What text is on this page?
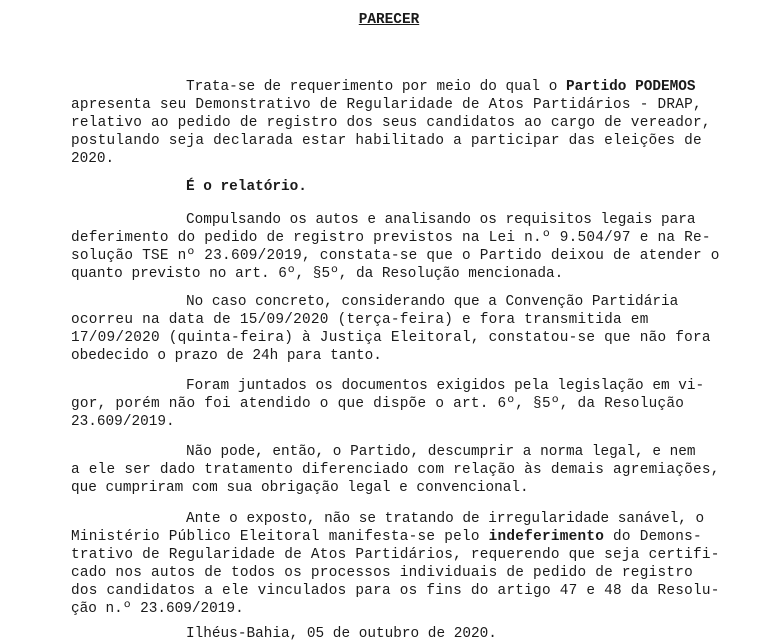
PARECER
Trata-se de requerimento por meio do qual o Partido PODEMOS
apresenta seu Demonstrativo de Regularidade de Atos Partidários - DRAP,
relativo ao pedido de registro dos seus candidatos ao cargo de vereador,
postulando seja declarada estar habilitado a participar das eleições de
2020.
É o relatório.
Compulsando os autos e analisando os requisitos legais para
deferimento do pedido de registro previstos na Lei n.º 9.504/97 e na Re-
solução TSE nº 23.609/2019, constata-se que o Partido deixou de atender o
quanto previsto no art. 6º, §5º, da Resolução mencionada.
No caso concreto, considerando que a Convenção Partidária
ocorreu na data de 15/09/2020 (terça-feira) e fora transmitida em
17/09/2020 (quinta-feira) à Justiça Eleitoral, constatou-se que não fora
obedecido o prazo de 24h para tanto.
Foram juntados os documentos exigidos pela legislação em vi-
gor, porém não foi atendido o que dispõe o art. 6º, §5º, da Resolução
23.609/2019.
Não pode, então, o Partido, descumprir a norma legal, e nem
a ele ser dado tratamento diferenciado com relação às demais agremiações,
que cumpriram com sua obrigação legal e convencional.
Ante o exposto, não se tratando de irregularidade sanável, o
Ministério Público Eleitoral manifesta-se pelo indeferimento do Demons-
trativo de Regularidade de Atos Partidários, requerendo que seja certifi-
cado nos autos de todos os processos individuais de pedido de registro
dos candidatos a ele vinculados para os fins do artigo 47 e 48 da Resolu-
ção n.º 23.609/2019.
Ilhéus-Bahia, 05 de outubro de 2020.
